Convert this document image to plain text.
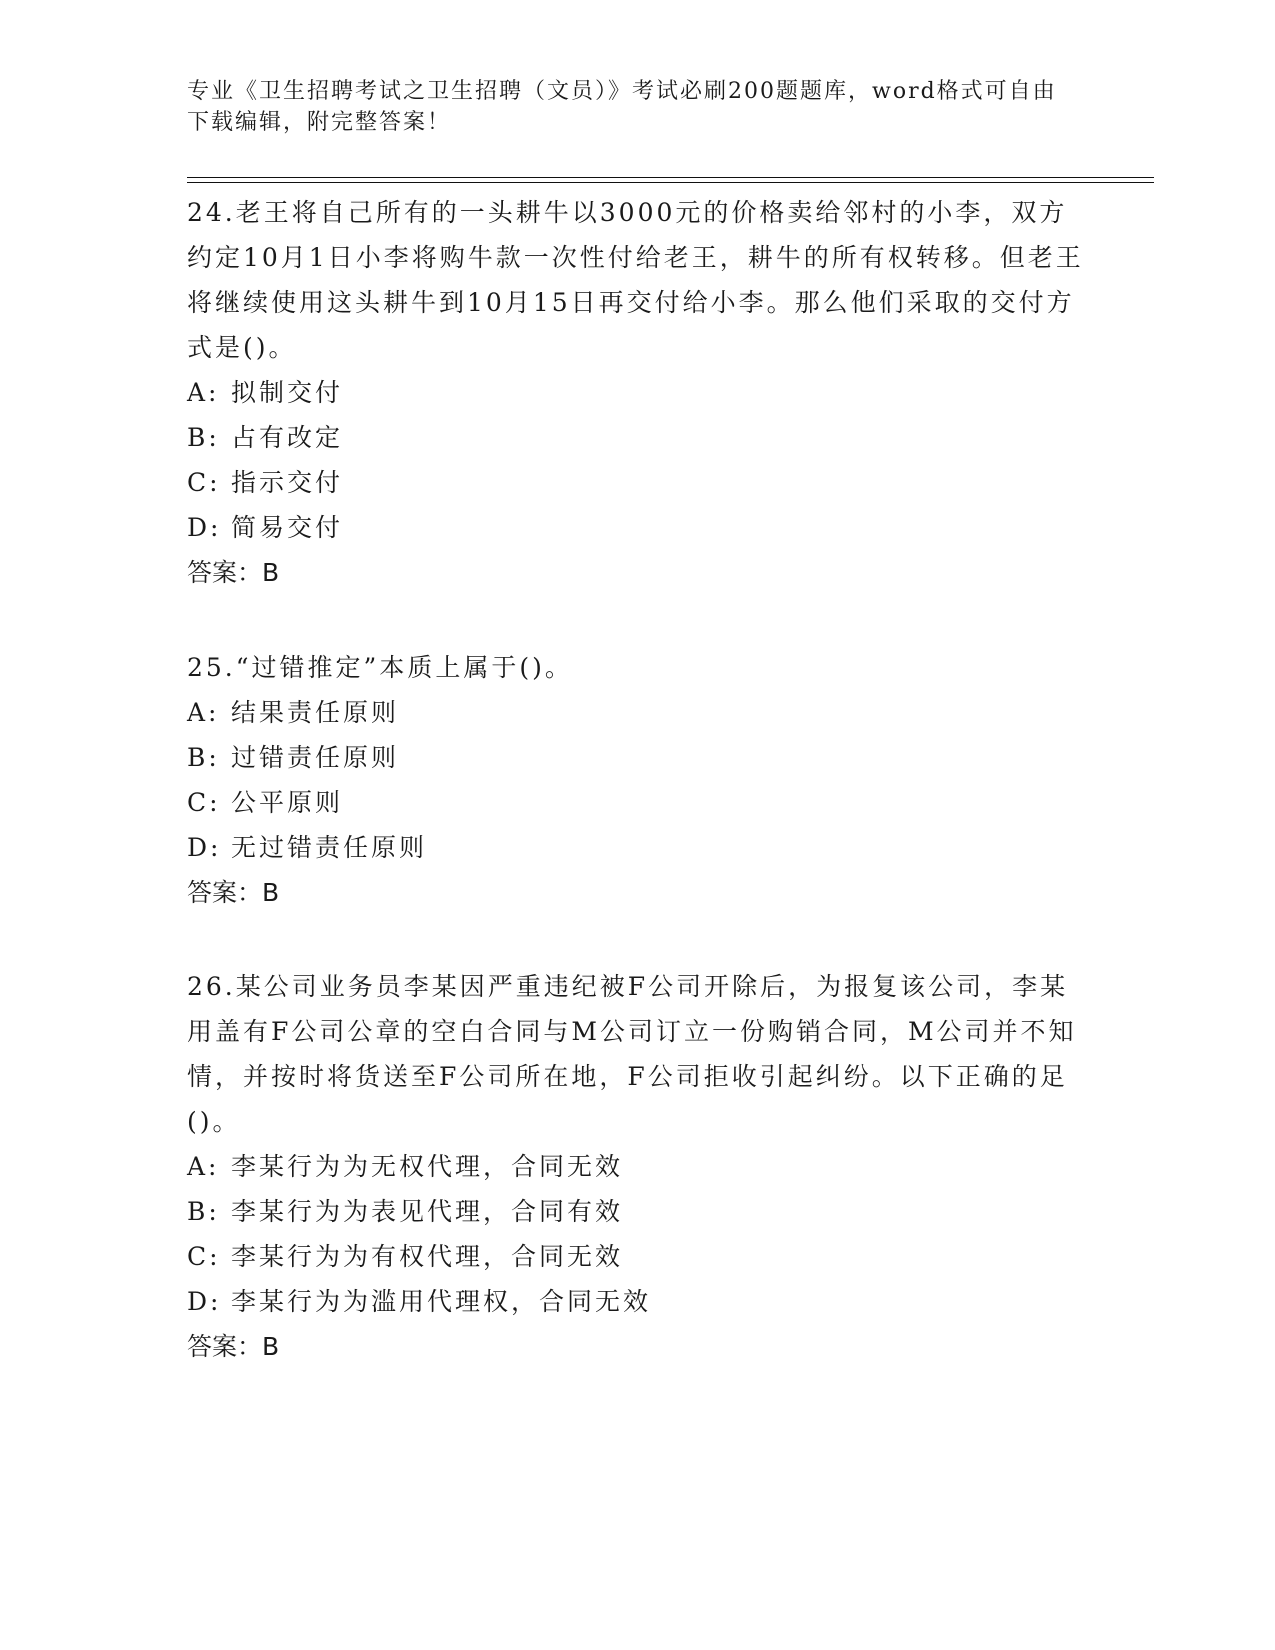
专业《卫生招聘考试之卫生招聘（文员）》考试必刷200题题库，word格式可自由下载编辑，附完整答案！

24.老王将自己所有的一头耕牛以3000元的价格卖给邻村的小李，双方约定10月1日小李将购牛款一次性付给老王，耕牛的所有权转移。但老王将继续使用这头耕牛到10月15日再交付给小李。那么他们采取的交付方式是()。

A: 拟制交付

B: 占有改定

C: 指示交付

D: 简易交付

答案：B

25.“过错推定”本质上属于()。

A: 结果责任原则

B: 过错责任原则

C: 公平原则

D: 无过错责任原则

答案：B

26.某公司业务员李某因严重违纪被F公司开除后，为报复该公司，李某用盖有F公司公章的空白合同与M公司订立一份购销合同，M公司并不知情，并按时将货送至F公司所在地，F公司拒收引起纠纷。以下正确的足()。

A: 李某行为为无权代理，合同无效

B: 李某行为为表见代理，合同有效

C: 李某行为为有权代理，合同无效

D: 李某行为为滥用代理权，合同无效

答案：B
